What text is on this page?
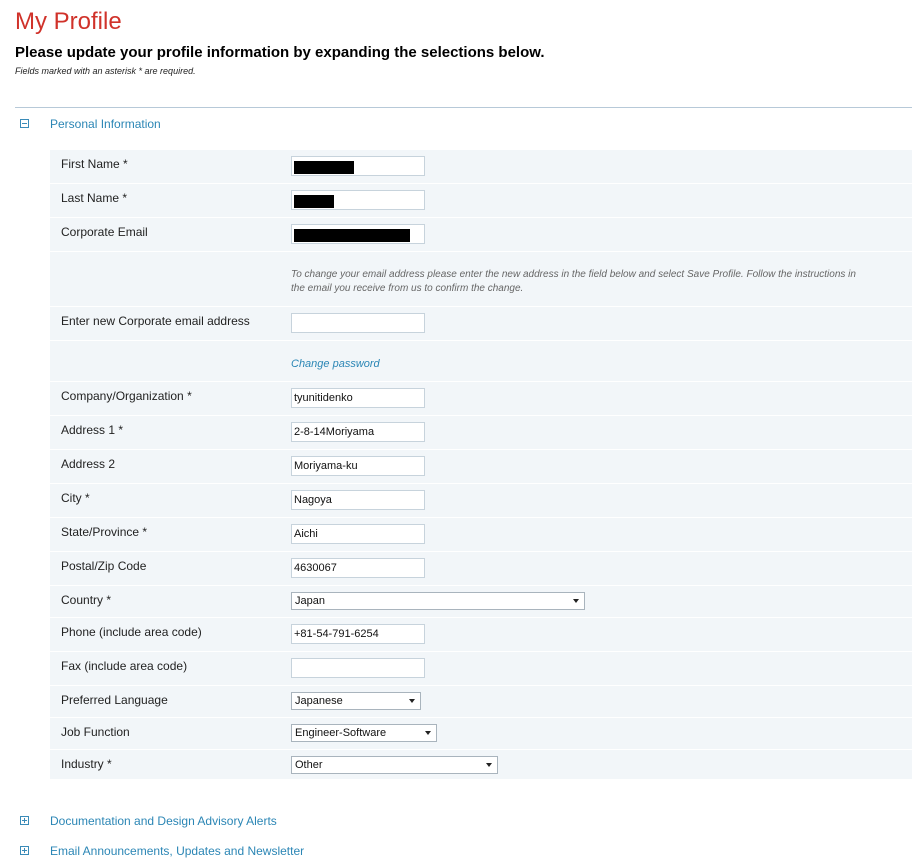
My Profile
Please update your profile information by expanding the selections below.
Fields marked with an asterisk * are required.
Personal Information
First Name *
Last Name *
Corporate Email
To change your email address please enter the new address in the field below and select Save Profile. Follow the instructions in
the email you receive from us to confirm the change.
Enter new Corporate email address
Change password
Company/Organization *	tyunitidenko
Address 1 *	2-8-14Moriyama
Address 2	Moriyama-ku
City *	Nagoya
State/Province *	Aichi
Postal/Zip Code	4630067
Country *	Japan
Phone (include area code)	+81-54-791-6254
Fax (include area code)
Preferred Language	Japanese
Job Function	Engineer-Software
Industry *	Other
Documentation and Design Advisory Alerts
Email Announcements, Updates and Newsletter
